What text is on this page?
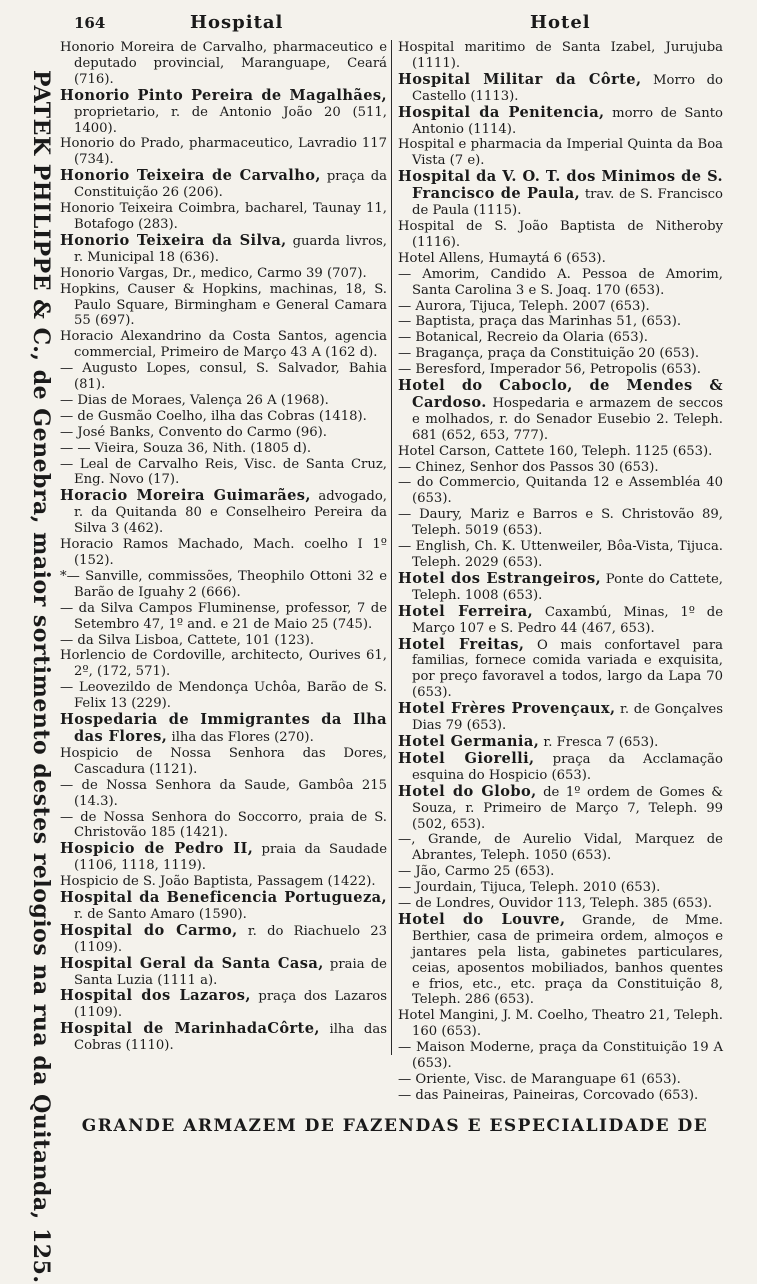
164	Hospital	Hotel
PATEK PHILIPPE & C., de Genebra, maior sortimento destes relogios na rua da Quitanda, 125.

Honorio Moreira de Carvalho, pharmaceutico e deputado provincial, Maranguape, Ceará (716).

Honorio Pinto Pereira de Magalhães, proprietario, r. de Antonio João 20 (511, 1400).

Honorio do Prado, pharmaceutico, Lavradio 117 (734).

Honorio Teixeira de Carvalho, praça da Constituição 26 (206).

Honorio Teixeira Coimbra, bacharel, Taunay 11, Botafogo (283).

Honorio Teixeira da Silva, guarda livros, r. Municipal 18 (636).

Honorio Vargas, Dr., medico, Carmo 39 (707).

Hopkins, Causer & Hopkins, machinas, 18, S. Paulo Square, Birmingham e General Camara 55 (697).

Horacio Alexandrino da Costa Santos, agencia commercial, Primeiro de Março 43 A (162 d).

— Augusto Lopes, consul, S. Salvador, Bahia (81).

— Dias de Moraes, Valença 26 A (1968).

— de Gusmão Coelho, ilha das Cobras (1418).

— José Banks, Convento do Carmo (96).

— — Vieira, Souza 36, Nith. (1805 d).

— Leal de Carvalho Reis, Visc. de Santa Cruz, Eng. Novo (17).

Horacio Moreira Guimarães, advogado, r. da Quitanda 80 e Conselheiro Pereira da Silva 3 (462).

Horacio Ramos Machado, Mach. coelho I 1º (152).

*— Sanville, commissões, Theophilo Ottoni 32 e Barão de Iguahy 2 (666).

— da Silva Campos Fluminense, professor, 7 de Setembro 47, 1º and. e 21 de Maio 25 (745).

— da Silva Lisboa, Cattete, 101 (123).

Horlencio de Cordoville, architecto, Ourives 61, 2º, (172, 571).

— Leovezildo de Mendonça Uchôa, Barão de S. Felix 13 (229).

Hospedaria de Immigrantes da Ilha das Flores, ilha das Flores (270).

Hospicio de Nossa Senhora das Dores, Cascadura (1121).

— de Nossa Senhora da Saude, Gambôa 215 (14.3).

— de Nossa Senhora do Soccorro, praia de S. Christovão 185 (1421).

Hospicio de Pedro II, praia da Saudade (1106, 1118, 1119).

Hospicio de S. João Baptista, Passagem (1422).

Hospital da Beneficencia Portugueza, r. de Santo Amaro (1590).

Hospital do Carmo, r. do Riachuelo 23 (1109).

Hospital Geral da Santa Casa, praia de Santa Luzia (1111 a).

Hospital dos Lazaros, praça dos Lazaros (1109).

Hospital de MarinhadaCôrte, ilha das Cobras (1110).

Hospital maritimo de Santa Izabel, Jurujuba (1111).

Hospital Militar da Côrte, Morro do Castello (1113).

Hospital da Penitencia, morro de Santo Antonio (1114).

Hospital e pharmacia da Imperial Quinta da Boa Vista (7 e).

Hospital da V. O. T. dos Minimos de S. Francisco de Paula, trav. de S. Francisco de Paula (1115).

Hospital de S. João Baptista de Nitheroby (1116).

Hotel Allens, Humaytá 6 (653).

— Amorim, Candido A. Pessoa de Amorim, Santa Carolina 3 e S. Joaq. 170 (653).

— Aurora, Tijuca, Teleph. 2007 (653).

— Baptista, praça das Marinhas 51, (653).

— Botanical, Recreio da Olaria (653).

— Bragança, praça da Constituição 20 (653).

— Beresford, Imperador 56, Petropolis (653).

Hotel do Caboclo, de Mendes & Cardoso. Hospedaria e armazem de seccos e molhados, r. do Senador Eusebio 2. Teleph. 681 (652, 653, 777).

Hotel Carson, Cattete 160, Teleph. 1125 (653).

— Chinez, Senhor dos Passos 30 (653).

— do Commercio, Quitanda 12 e Assembléa 40 (653).

— Daury, Mariz e Barros e S. Christovão 89, Teleph. 5019 (653).

— English, Ch. K. Uttenweiler, Bôa-Vista, Tijuca. Teleph. 2029 (653).

Hotel dos Estrangeiros, Ponte do Cattete, Teleph. 1008 (653).

Hotel Ferreira, Caxambú, Minas, 1º de Março 107 e S. Pedro 44 (467, 653).

Hotel Freitas, O mais confortavel para familias, fornece comida variada e exquisita, por preço favoravel a todos, largo da Lapa 70 (653).

Hotel Frères Provençaux, r. de Gonçalves Dias 79 (653).

Hotel Germania, r. Fresca 7 (653).

Hotel Giorelli, praça da Acclamação esquina do Hospicio (653).

Hotel do Globo, de 1º ordem de Gomes & Souza, r. Primeiro de Março 7, Teleph. 99 (502, 653).

—, Grande, de Aurelio Vidal, Marquez de Abrantes, Teleph. 1050 (653).

— Jão, Carmo 25 (653).

— Jourdain, Tijuca, Teleph. 2010 (653).

— de Londres, Ouvidor 113, Teleph. 385 (653).

Hotel do Louvre, Grande, de Mme. Berthier, casa de primeira ordem, almoços e jantares pela lista, gabinetes particulares, ceias, aposentos mobiliados, banhos quentes e frios, etc., etc. praça da Constituição 8, Teleph. 286 (653).

Hotel Mangini, J. M. Coelho, Theatro 21, Teleph. 160 (653).

— Maison Moderne, praça da Constituição 19 A (653).

— Oriente, Visc. de Maranguape 61 (653).

— das Paineiras, Paineiras, Corcovado (653).

GRANDE ARMAZEM DE FAZENDAS E ESPECIALIDADE DE
